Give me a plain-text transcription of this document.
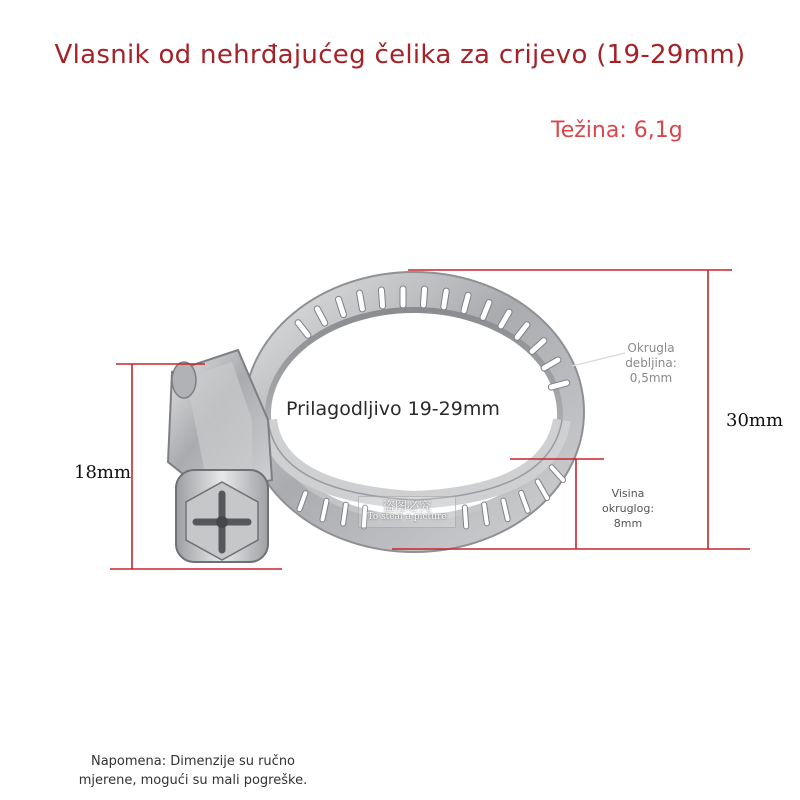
Vlasnik od nehrđajućeg čelika za crijevo (19-29mm)
Težina: 6,1g
Prilagodljivo 19-29mm
18mm
30mm
Okrugla
debljina:
0,5mm
Visina
okruglog:
8mm
盗图必究
To steal a picture
Napomena: Dimenzije su ručno
mjerene, mogući su mali pogreške.
